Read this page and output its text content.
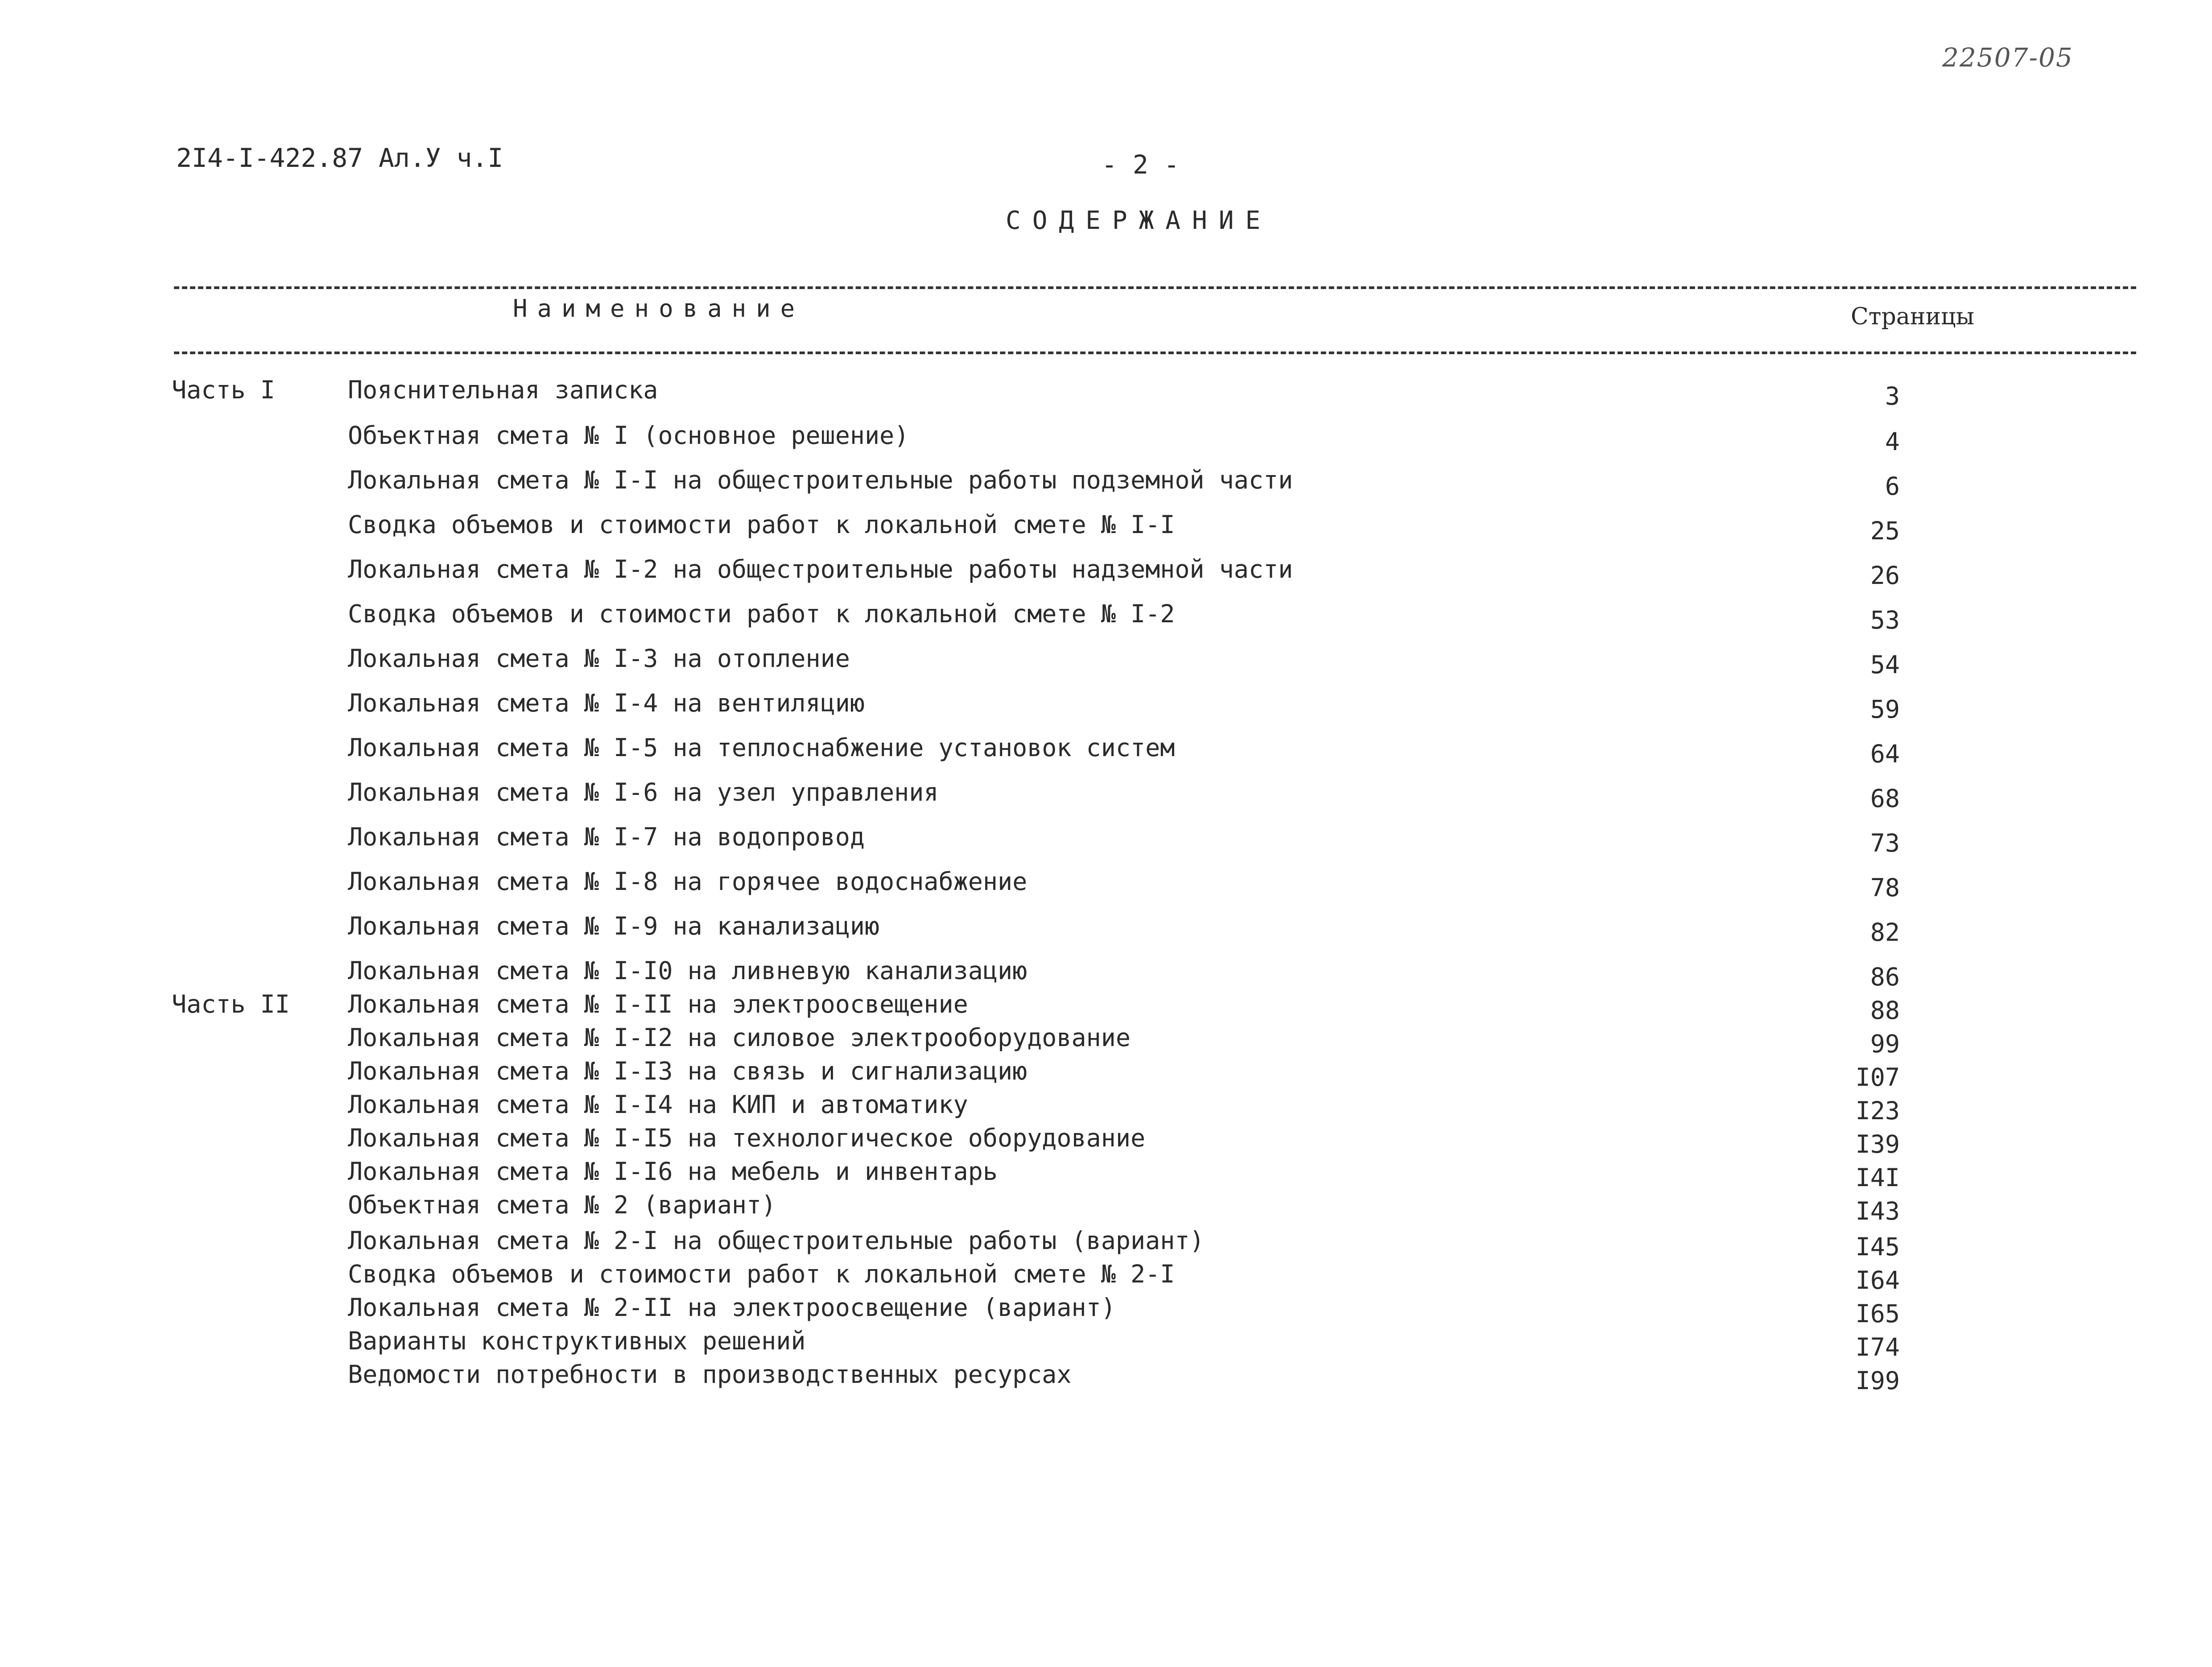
22507-05
2I4-I-422.87 Ал.У ч.I	- 2 -
СОДЕРЖАНИЕ
Наименование	Страницы
Часть I	Пояснительная записка	3
Объектная смета № I (основное решение)	4
Локальная смета № I-I на общестроительные работы подземной части	6
Сводка объемов и стоимости работ к локальной смете № I-I	25
Локальная смета № I-2 на общестроительные работы надземной части	26
Сводка объемов и стоимости работ к локальной смете № I-2	53
Локальная смета № I-3 на отопление	54
Локальная смета № I-4 на вентиляцию	59
Локальная смета № I-5 на теплоснабжение установок систем	64
Локальная смета № I-6 на узел управления	68
Локальная смета № I-7 на водопровод	73
Локальная смета № I-8 на горячее водоснабжение	78
Локальная смета № I-9 на канализацию	82
Локальная смета № I-I0 на ливневую канализацию	86
Часть II Локальная смета № I-II на электроосвещение	88
Локальная смета № I-I2 на силовое электрооборудование	99
Локальная смета № I-I3 на связь и сигнализацию	I07
Локальная смета № I-I4 на КИП и автоматику	I23
Локальная смета № I-I5 на технологическое оборудование	I39
Локальная смета № I-I6 на мебель и инвентарь	I4I
Объектная смета № 2 (вариант)	I43
Локальная смета № 2-I на общестроительные работы (вариант)	I45
Сводка объемов и стоимости работ к локальной смете № 2-I	I64
Локальная смета № 2-II на электроосвещение (вариант)	I65
Варианты конструктивных решений	I74
Ведомости потребности в производственных ресурсах	I99
